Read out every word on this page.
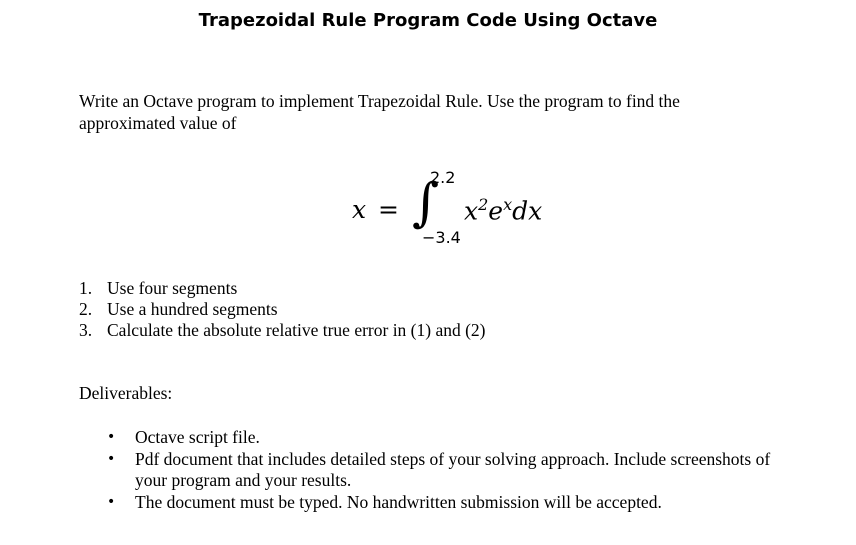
Trapezoidal Rule Program Code Using Octave
Write an Octave program to implement Trapezoidal Rule. Use the program to find the approximated value of
x = ∫
2.2
−3.4
$x^2e^xdx$
1. Use four segments
2. Use a hundred segments
3. Calculate the absolute relative true error in (1) and (2)
Deliverables:
• Octave script file.
• Pdf document that includes detailed steps of your solving approach. Include screenshots of your program and your results.
• The document must be typed. No handwritten submission will be accepted.
